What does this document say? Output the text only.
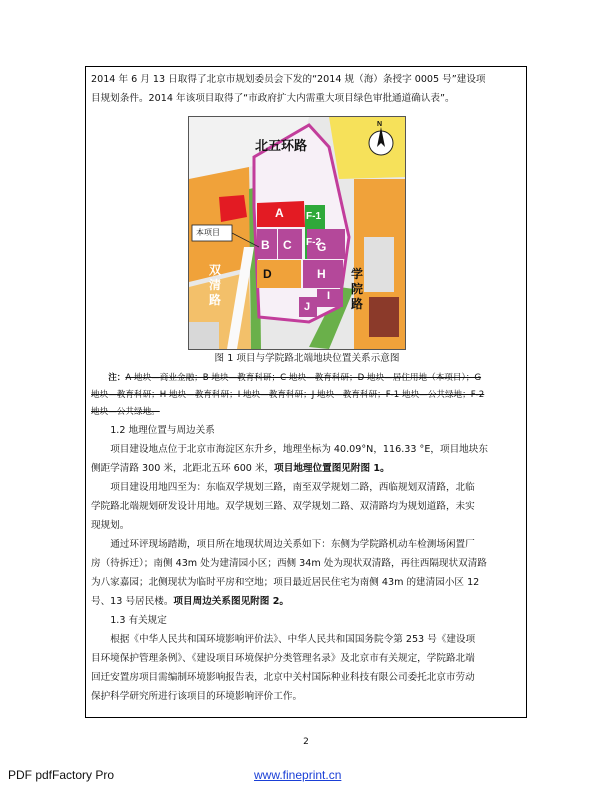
2014 年 6 月 13 日取得了北京市规划委员会下发的“2014 规（海）条授字 0005 号”建设项
目规划条件。2014 年该项目取得了“市政府扩大内需重大项目绿色审批通道确认表”。
北五环路
本项目
双清路
学院路
A
B C
D
F-1
F-2
G
H
I
J
N
图 1 项目与学院路北端地块位置关系示意图
注：A 地块—商业金融；B 地块—教育科研；C 地块—教育科研；D 地块—居住用地（本项目）；G
地块—教育科研；H 地块—教育科研；I 地块—教育科研；J 地块—教育科研；F-1 地块—公共绿地；F-2
地块—公共绿地。
1.2 地理位置与周边关系
项目建设地点位于北京市海淀区东升乡，地理坐标为 40.09°N，116.33 °E，项目地块东
侧距学清路 300 米，北距北五环 600 米，项目地理位置图见附图 1。
项目建设用地四至为：东临双学规划三路，南至双学规划二路，西临规划双清路，北临
学院路北端规划研发设计用地。双学规划三路、双学规划二路、双清路均为规划道路，未实
现规划。
通过环评现场踏勘，项目所在地现状周边关系如下：东侧为学院路机动车检测场闲置厂
房（待拆迁）；南侧 43m 处为建清园小区；西侧 34m 处为现状双清路，再往西隔现状双清路
为八家嘉园；北侧现状为临时平房和空地；项目最近居民住宅为南侧 43m 的建清园小区 12
号、13 号居民楼。项目周边关系图见附图 2。
1.3 有关规定
根据《中华人民共和国环境影响评价法》、中华人民共和国国务院令第 253 号《建设项
目环境保护管理条例》、《建设项目环境保护分类管理名录》及北京市有关规定，学院路北端
回迁安置房项目需编制环境影响报告表，北京中关村国际种业科技有限公司委托北京市劳动
保护科学研究所进行该项目的环境影响评价工作。
2
PDF pdfFactory Pro	www.fineprint.cn
